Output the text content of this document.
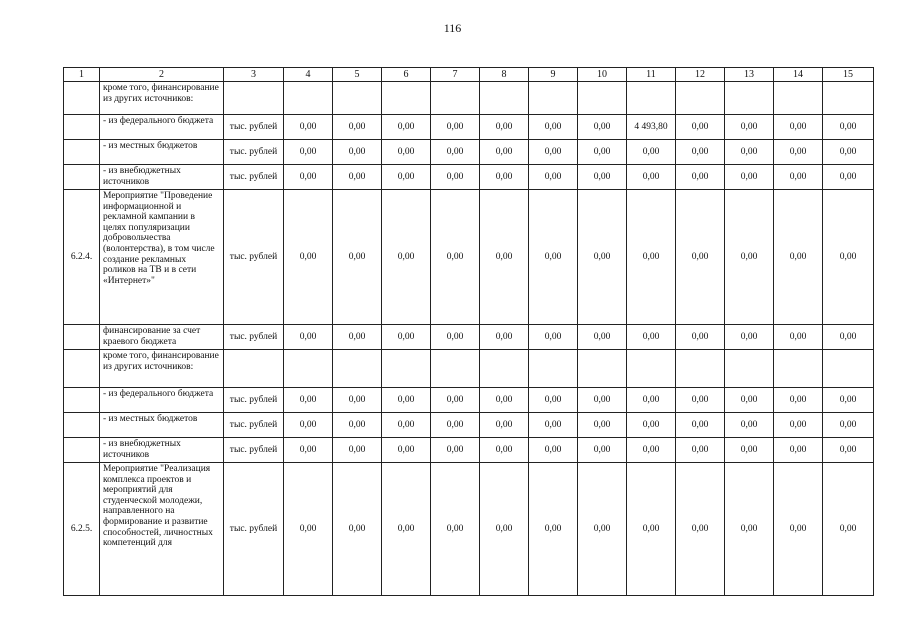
116
1	2	3	4	5	6	7	8	9	10	11	12	13	14	15
	кроме того, финансирование из других источников:													
	- из федерального бюджета	тыс. рублей	0,00	0,00	0,00	0,00	0,00	0,00	0,00	4 493,80	0,00	0,00	0,00	0,00
	- из местных бюджетов	тыс. рублей	0,00	0,00	0,00	0,00	0,00	0,00	0,00	0,00	0,00	0,00	0,00	0,00
	- из внебюджетных источников	тыс. рублей	0,00	0,00	0,00	0,00	0,00	0,00	0,00	0,00	0,00	0,00	0,00	0,00
6.2.4.	Мероприятие "Проведение информационной и рекламной кампании в целях популяризации добровольчества (волонтерства), в том числе создание рекламных роликов на ТВ и в сети «Интернет»"	тыс. рублей	0,00	0,00	0,00	0,00	0,00	0,00	0,00	0,00	0,00	0,00	0,00	0,00
	финансирование за счет краевого бюджета	тыс. рублей	0,00	0,00	0,00	0,00	0,00	0,00	0,00	0,00	0,00	0,00	0,00	0,00
	кроме того, финансирование из других источников:													
	- из федерального бюджета	тыс. рублей	0,00	0,00	0,00	0,00	0,00	0,00	0,00	0,00	0,00	0,00	0,00	0,00
	- из местных бюджетов	тыс. рублей	0,00	0,00	0,00	0,00	0,00	0,00	0,00	0,00	0,00	0,00	0,00	0,00
	- из внебюджетных источников	тыс. рублей	0,00	0,00	0,00	0,00	0,00	0,00	0,00	0,00	0,00	0,00	0,00	0,00
6.2.5.	Мероприятие "Реализация комплекса проектов и мероприятий для студенческой молодежи, направленного на формирование и развитие способностей, личностных компетенций для	тыс. рублей	0,00	0,00	0,00	0,00	0,00	0,00	0,00	0,00	0,00	0,00	0,00	0,00
